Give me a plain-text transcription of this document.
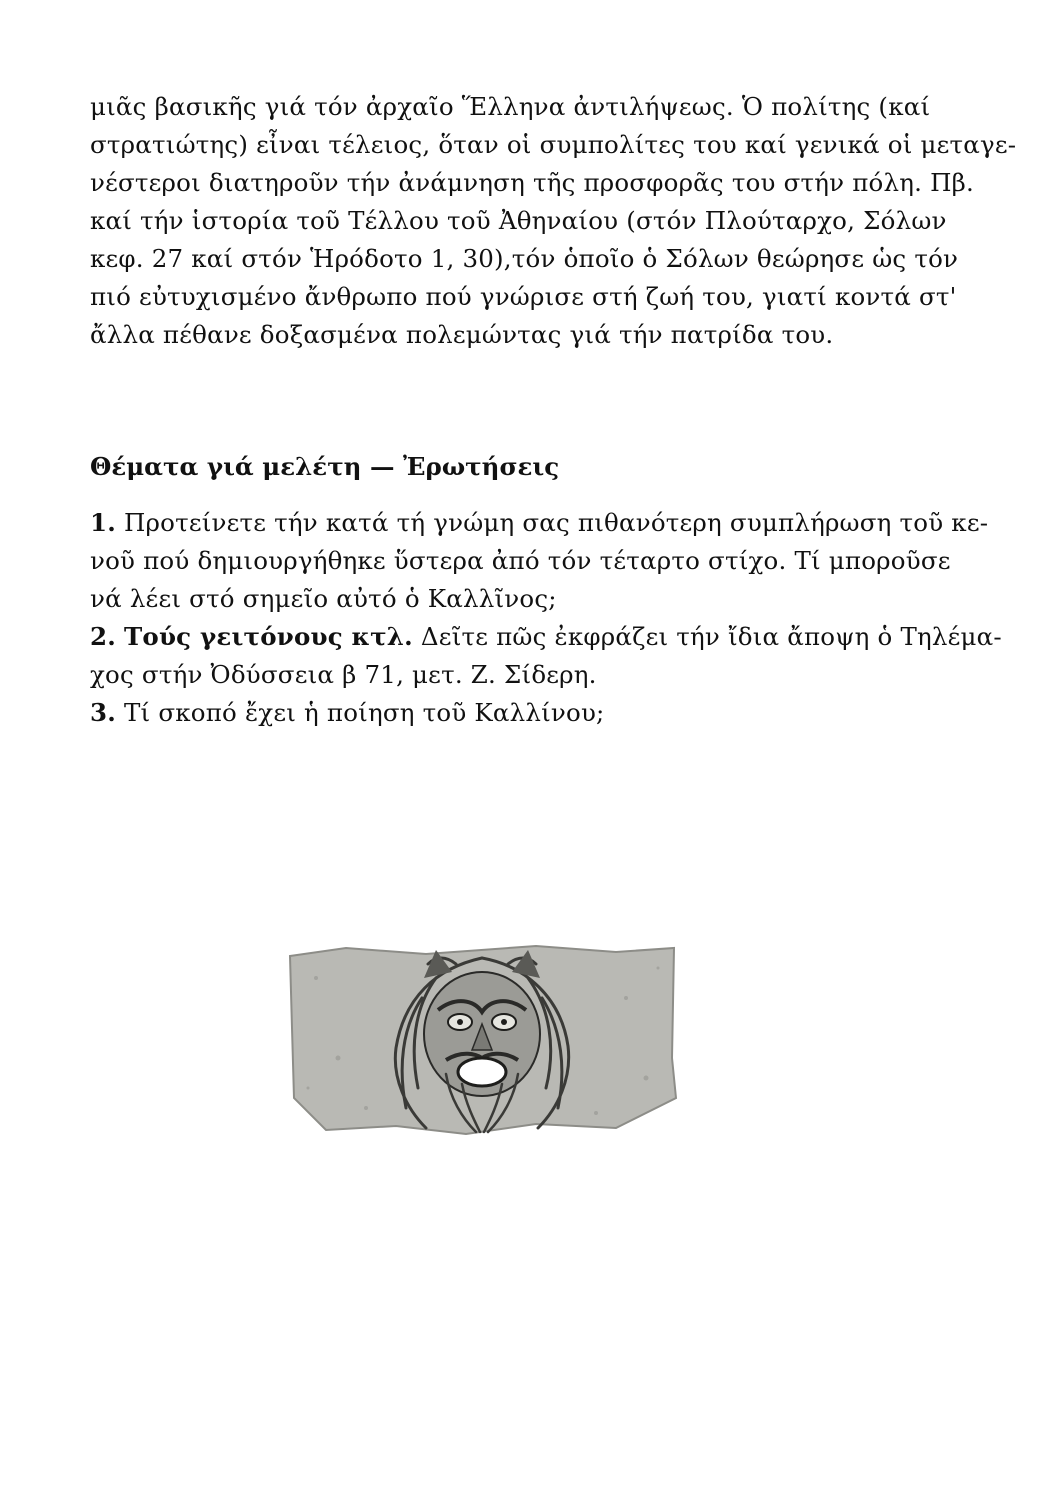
μιᾶς βασικῆς γιά τόν ἀρχαῖο Ἕλληνα ἀντιλήψεως. Ὁ πολίτης (καί
στρατιώτης) εἶναι τέλειος, ὅταν οἱ συμπολίτες του καί γενικά οἱ μεταγε-
νέστεροι διατηροῦν τήν ἀνάμνηση τῆς προσφορᾶς του στήν πόλη. Πβ.
καί τήν ἱστορία τοῦ Τέλλου τοῦ Ἀθηναίου (στόν Πλούταρχο, Σόλων
κεφ. 27 καί στόν Ἡρόδοτο 1, 30),τόν ὁποῖο ὁ Σόλων θεώρησε ὡς τόν
πιό εὐτυχισμένο ἄνθρωπο πού γνώρισε στή ζωή του, γιατί κοντά στ'
ἄλλα πέθανε δοξασμένα πολεμώντας γιά τήν πατρίδα του.
Θέματα γιά μελέτη — Ἐρωτήσεις
1. Προτείνετε τήν κατά τή γνώμη σας πιθανότερη συμπλήρωση τοῦ κε-
νοῦ πού δημιουργήθηκε ὕστερα ἀπό τόν τέταρτο στίχο. Τί μποροῦσε
νά λέει στό σημεῖο αὐτό ὁ Καλλῖνος;
2. Τούς γειτόνους κτλ. Δεῖτε πῶς ἐκφράζει τήν ἴδια ἄποψη ὁ Τηλέμα-
χος στήν Ὀδύσσεια β 71, μετ. Ζ. Σίδερη.
3. Τί σκοπό ἔχει ἡ ποίηση τοῦ Καλλίνου;
